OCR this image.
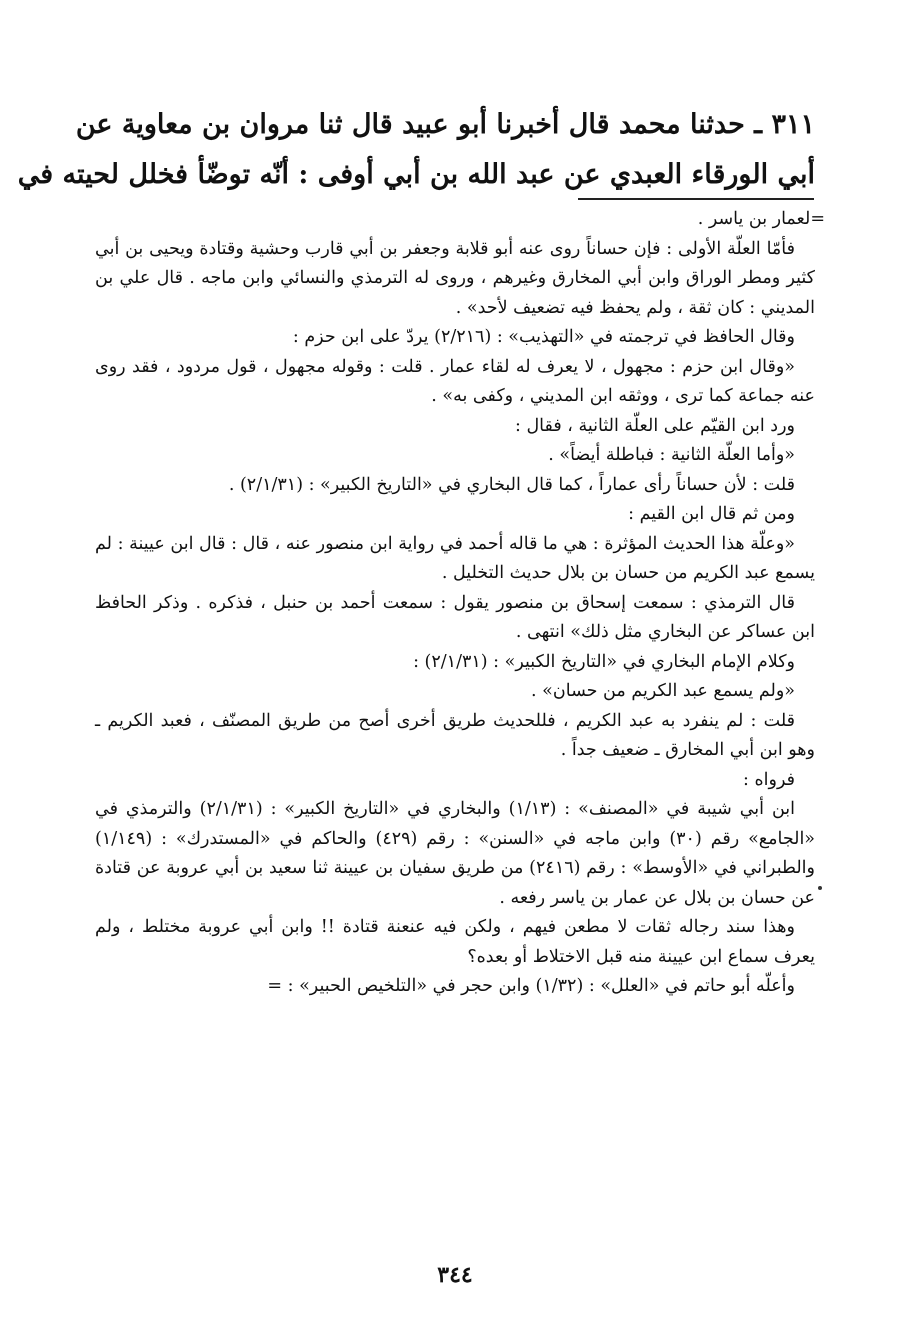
٣١١ ـ حدثنا محمد قال أخبرنا أبو عبيد قال ثنا مروان بن معاوية عن
أبي الورقاء العبدي عن عبد الله بن أبي أوفى : أنّه توضّأ فخلل لحيته في

=لعمار بن ياسر .

فأمّا العلّة الأولى : فإن حساناً روى عنه أبو قلابة وجعفر بن أبي قارب وحشية وقتادة ويحيى بن أبي كثير ومطر الوراق وابن أبي المخارق وغيرهم ، وروى له الترمذي والنسائي وابن ماجه . قال علي بن المديني : كان ثقة ، ولم يحفظ فيه تضعيف لأحد» .

وقال الحافظ في ترجمته في «التهذيب» : (٢/٢١٦) يردّ على ابن حزم :

«وقال ابن حزم : مجهول ، لا يعرف له لقاء عمار . قلت : وقوله مجهول ، قول مردود ، فقد روى عنه جماعة كما ترى ، ووثقه ابن المديني ، وكفى به» .

ورد ابن القيّم على العلّة الثانية ، فقال :

«وأما العلّة الثانية : فباطلة أيضاً» .

قلت : لأن حساناً رأى عماراً ، كما قال البخاري في «التاريخ الكبير» : (٢/١/٣١) .

ومن ثم قال ابن القيم :

«وعلّة هذا الحديث المؤثرة : هي ما قاله أحمد في رواية ابن منصور عنه ، قال : قال ابن عيينة : لم يسمع عبد الكريم من حسان بن بلال حديث التخليل .

قال الترمذي : سمعت إسحاق بن منصور يقول : سمعت أحمد بن حنبل ، فذكره . وذكر الحافظ ابن عساكر عن البخاري مثل ذلك» انتهى .

وكلام الإمام البخاري في «التاريخ الكبير» : (٢/١/٣١) :

«ولم يسمع عبد الكريم من حسان» .

قلت : لم ينفرد به عبد الكريم ، فللحديث طريق أخرى أصح من طريق المصنّف ، فعبد الكريم ـ وهو ابن أبي المخارق ـ ضعيف جداً .

فرواه :

ابن أبي شيبة في «المصنف» : (١/١٣) والبخاري في «التاريخ الكبير» : (٢/١/٣١) والترمذي في «الجامع» رقم (٣٠) وابن ماجه في «السنن» : رقم (٤٢٩) والحاكم في «المستدرك» : (١/١٤٩) والطبراني في «الأوسط» : رقم (٢٤١٦) من طريق سفيان بن عيينة ثنا سعيد بن أبي عروبة عن قتادة عن حسان بن بلال عن عمار بن ياسر رفعه .

وهذا سند رجاله ثقات لا مطعن فيهم ، ولكن فيه عنعنة قتادة !! وابن أبي عروبة مختلط ، ولم يعرف سماع ابن عيينة منه قبل الاختلاط أو بعده؟

وأعلّه أبو حاتم في «العلل» : (١/٣٢) وابن حجر في «التلخيص الحبير» : =

٣٤٤
